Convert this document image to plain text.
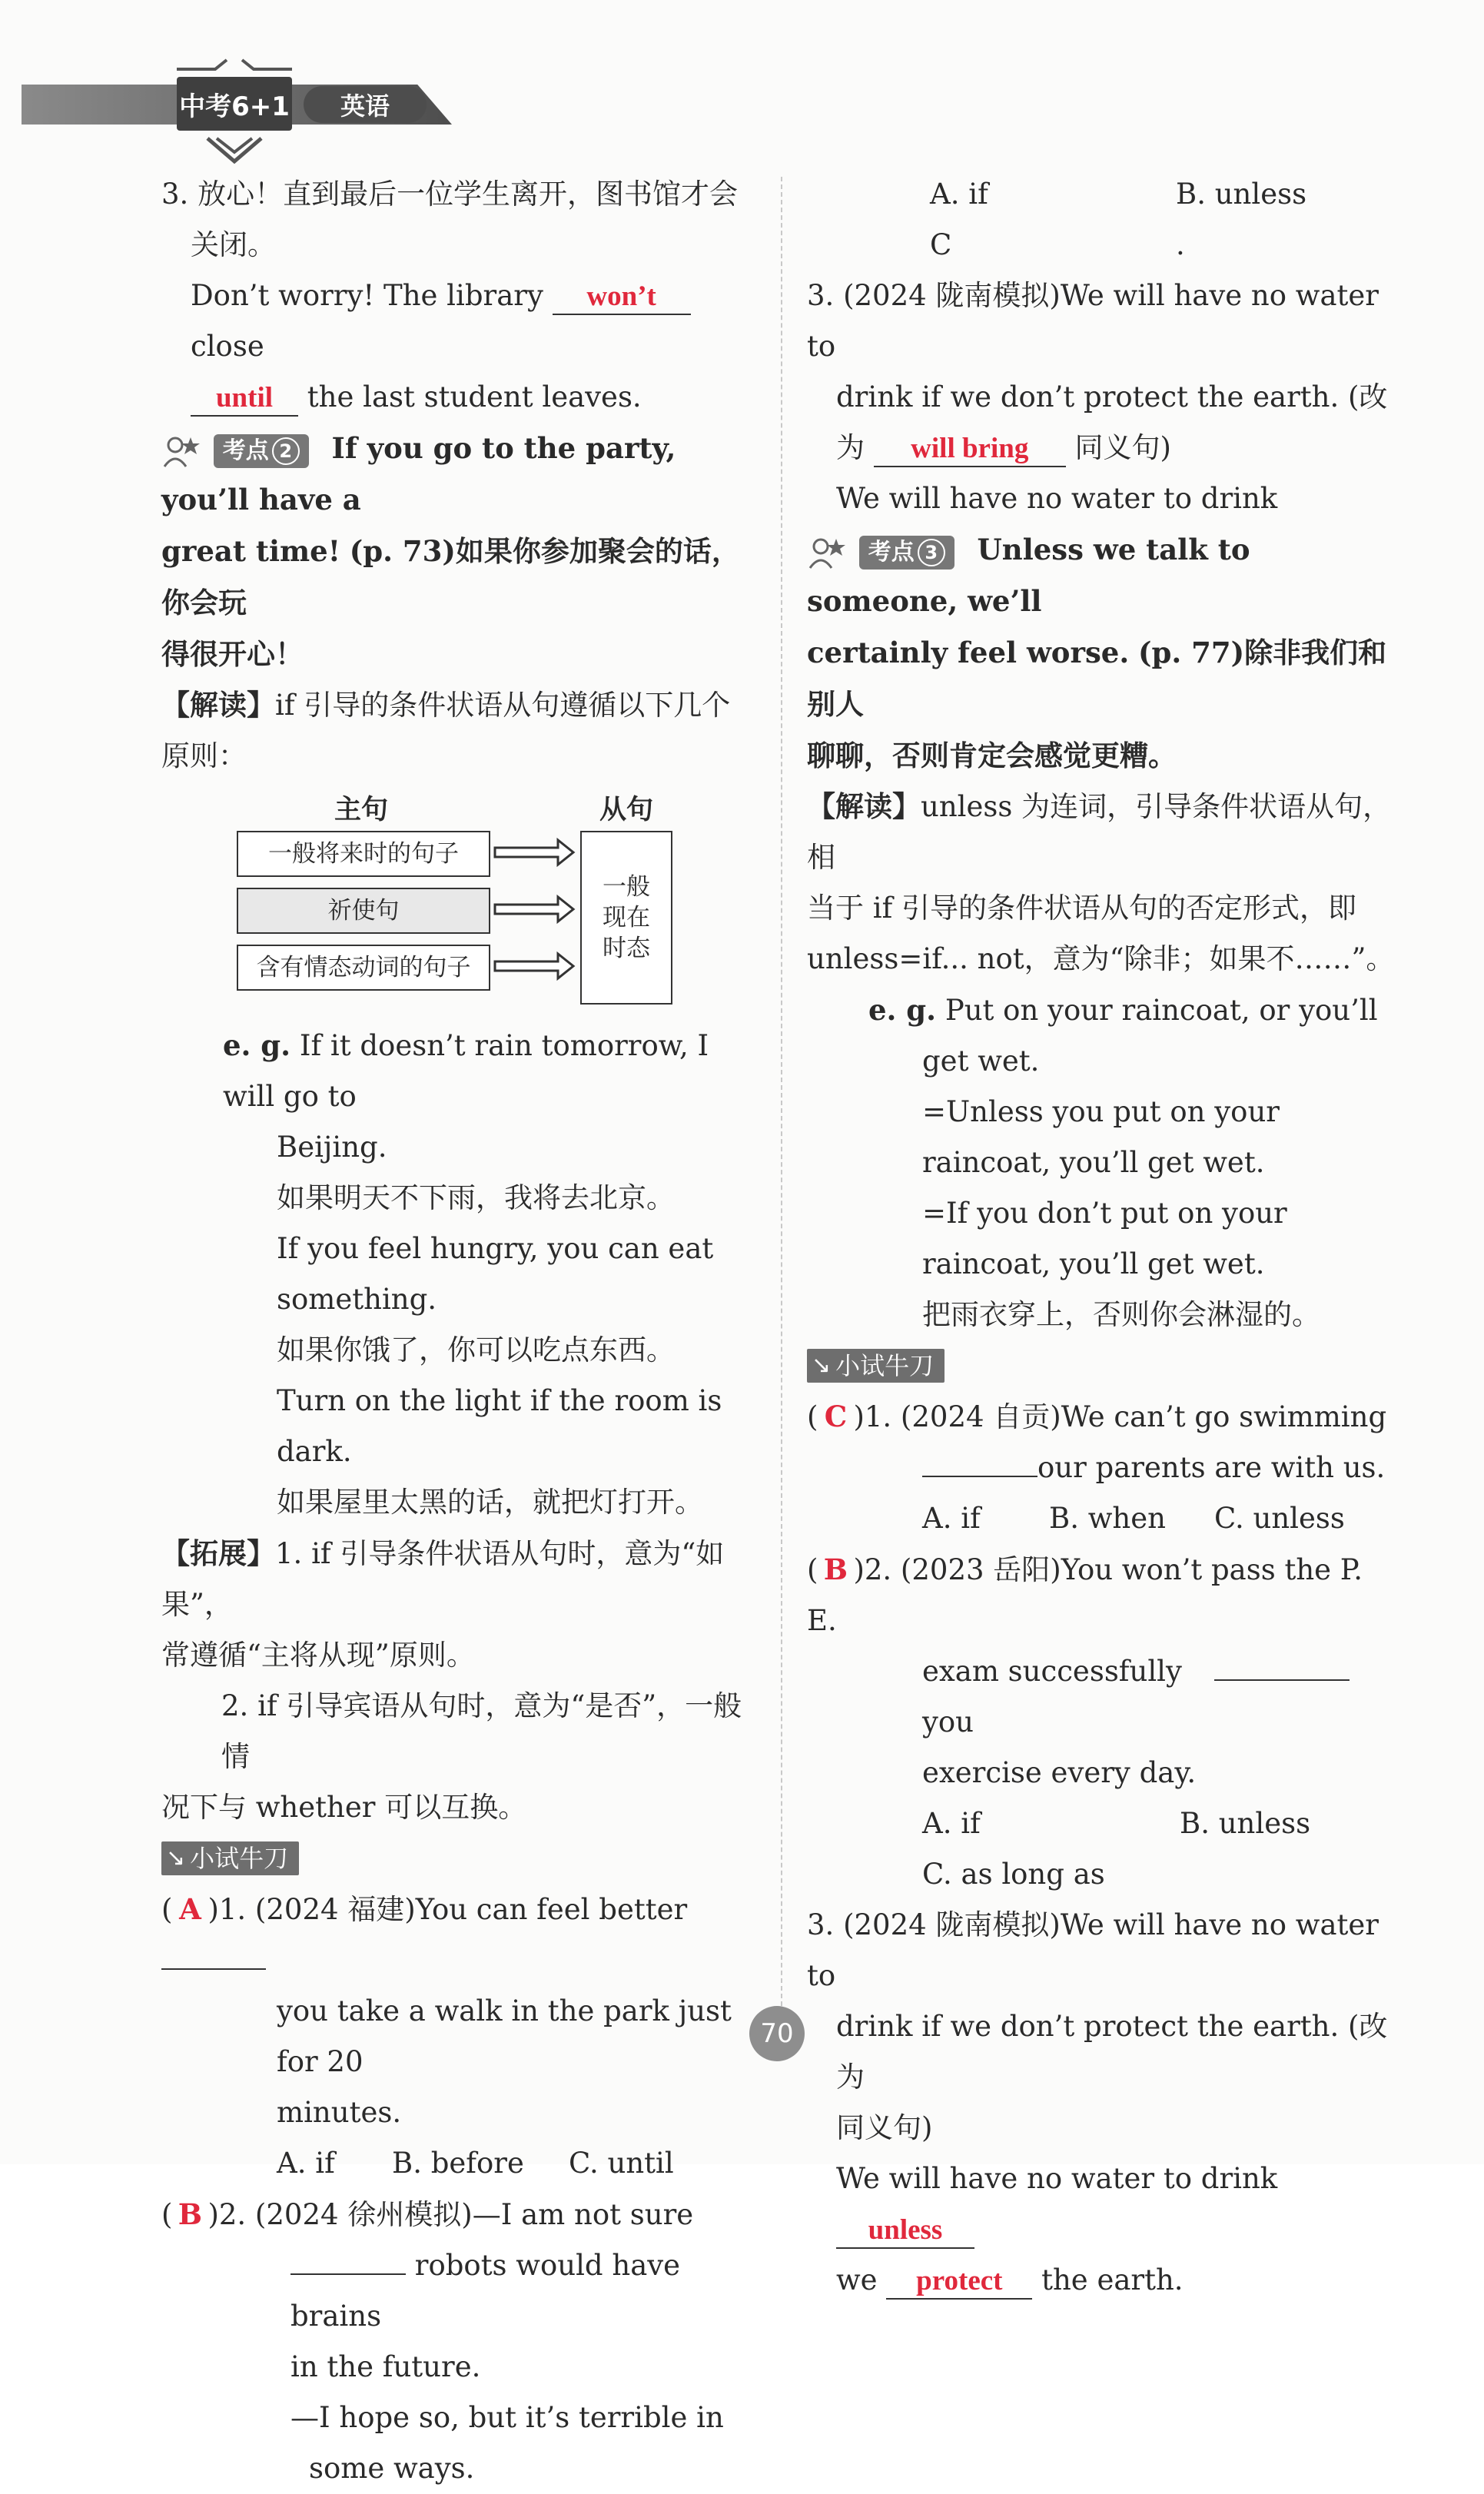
中考6+1	英语

3. 放心！直到最后一位学生离开，图书馆才会

关闭。

Don’t worry! The library won’t close

until the last student leaves.

考点 2 If you go to the party, you’ll have a

great time! (p. 73)如果你参加聚会的话，你会玩

得很开心！

【解读】if 引导的条件状语从句遵循以下几个

原则：

主句	从句
一般将来时的句子
祈使句
含有情态动词的句子
一般
现在
时态

e. g. If it doesn’t rain tomorrow, I will go to

Beijing.

如果明天不下雨，我将去北京。

If you feel hungry, you can eat

something.

如果你饿了，你可以吃点东西。

Turn on the light if the room is dark.

如果屋里太黑的话，就把灯打开。

【拓展】1. if 引导条件状语从句时，意为“如果”，

常遵循“主将从现”原则。

2. if 引导宾语从句时，意为“是否”，一般情

况下与 whether 可以互换。

↘ 小试牛刀

( A )1. (2024 福建)You can feel better

you take a walk in the park just for 20

minutes.

A. if	B. before	C. until

( B )2. (2024 徐州模拟)—I am not sure

robots would have brains

in the future.

—I hope so, but it’s terrible in

some ways.

A. if	B. unless
C	.

3. (2024 陇南模拟)We will have no water to

drink if we don’t protect the earth. (改为 will bring 同义句)

We will have no water to drink

考点 3 Unless we talk to someone, we’ll

certainly feel worse. (p. 77)除非我们和别人

聊聊，否则肯定会感觉更糟。

【解读】unless 为连词，引导条件状语从句，相

当于 if 引导的条件状语从句的否定形式，即

unless=if... not，意为“除非；如果不……”。

e. g. Put on your raincoat, or you’ll

get wet.

=Unless you put on your

raincoat, you’ll get wet.

=If you don’t put on your

raincoat, you’ll get wet.

把雨衣穿上，否则你会淋湿的。

↘ 小试牛刀

( C )1. (2024 自贡)We can’t go swimming

our parents are with us.

A. if	B. when	C. unless

( B )2. (2023 岳阳)You won’t pass the P. E.

exam successfully  you

exercise every day.

A. if	B. unless

C. as long as

3. (2024 陇南模拟)We will have no water to

drink if we don’t protect the earth. (改为

同义句)

We will have no water to drink unless

we protect the earth.

70
